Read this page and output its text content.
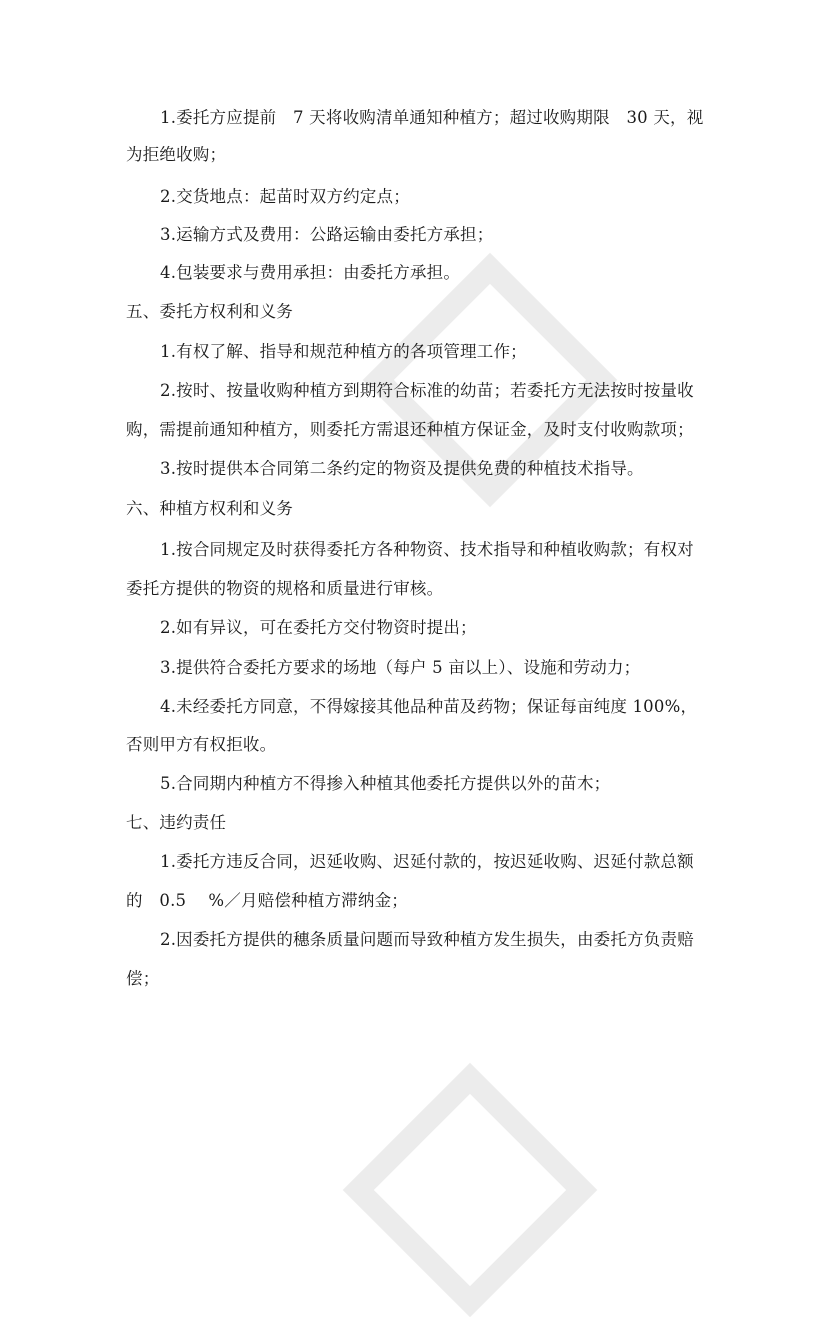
1.委托方应提前　7 天将收购清单通知种植方；超过收购期限　30 天，视
为拒绝收购；
2.交货地点：起苗时双方约定点；
3.运输方式及费用：公路运输由委托方承担；
4.包装要求与费用承担：由委托方承担。
五、委托方权利和义务
1.有权了解、指导和规范种植方的各项管理工作；
2.按时、按量收购种植方到期符合标准的幼苗；若委托方无法按时按量收
购，需提前通知种植方，则委托方需退还种植方保证金，及时支付收购款项；
3.按时提供本合同第二条约定的物资及提供免费的种植技术指导。
六、种植方权利和义务
1.按合同规定及时获得委托方各种物资、技术指导和种植收购款；有权对
委托方提供的物资的规格和质量进行审核。
2.如有异议，可在委托方交付物资时提出；
3.提供符合委托方要求的场地（每户 5 亩以上）、设施和劳动力；
4.未经委托方同意，不得嫁接其他品种苗及药物；保证每亩纯度 100%，
否则甲方有权拒收。
5.合同期内种植方不得掺入种植其他委托方提供以外的苗木；
七、违约责任
1.委托方违反合同，迟延收购、迟延付款的，按迟延收购、迟延付款总额
的　0.5　 %／月赔偿种植方滞纳金；
2.因委托方提供的穗条质量问题而导致种植方发生损失，由委托方负责赔
偿；
